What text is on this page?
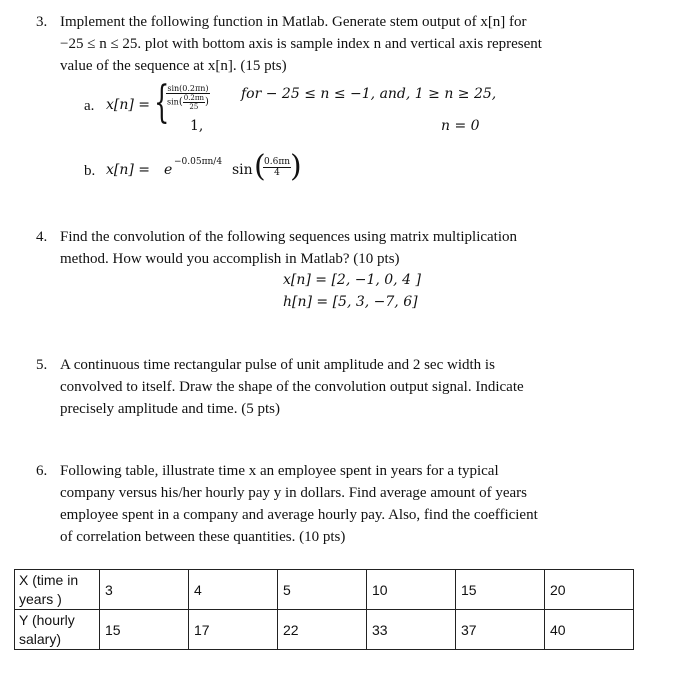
3. Implement the following function in Matlab. Generate stem output of x[n] for
−25 ≤ n ≤ 25. plot with bottom axis is sample index n and vertical axis represent
value of the sequence at x[n]. (15 pts)
a. x[n] = {
$\frac{\sin(0.2\pi n)}{\sin( \frac{0.2\pi n}{25} )}$ for − 25 ≤ n ≤ −1, and, 1 ≥ n ≥ 25,
1,	n = 0
b. x[n] = e −0.05πn/4 sin (
$\frac{0.6\pi n}{4}$
)
4. Find the convolution of the following sequences using matrix multiplication
method. How would you accomplish in Matlab? (10 pts)
x[n] = [2, −1, 0, 4 ]
h[n] = [5, 3, −7, 6]
5. A continuous time rectangular pulse of unit amplitude and 2 sec width is
convolved to itself. Draw the shape of the convolution output signal. Indicate
precisely amplitude and time. (5 pts)
6. Following table, illustrate time x an employee spent in years for a typical
company versus his/her hourly pay y in dollars. Find average amount of years
employee spent in a company and average hourly pay. Also, find the coefficient
of correlation between these quantities. (10 pts)
X (time in
years )	3	4	5	10	15	20
Y (hourly
salary)	15	17	22	33	37	40
